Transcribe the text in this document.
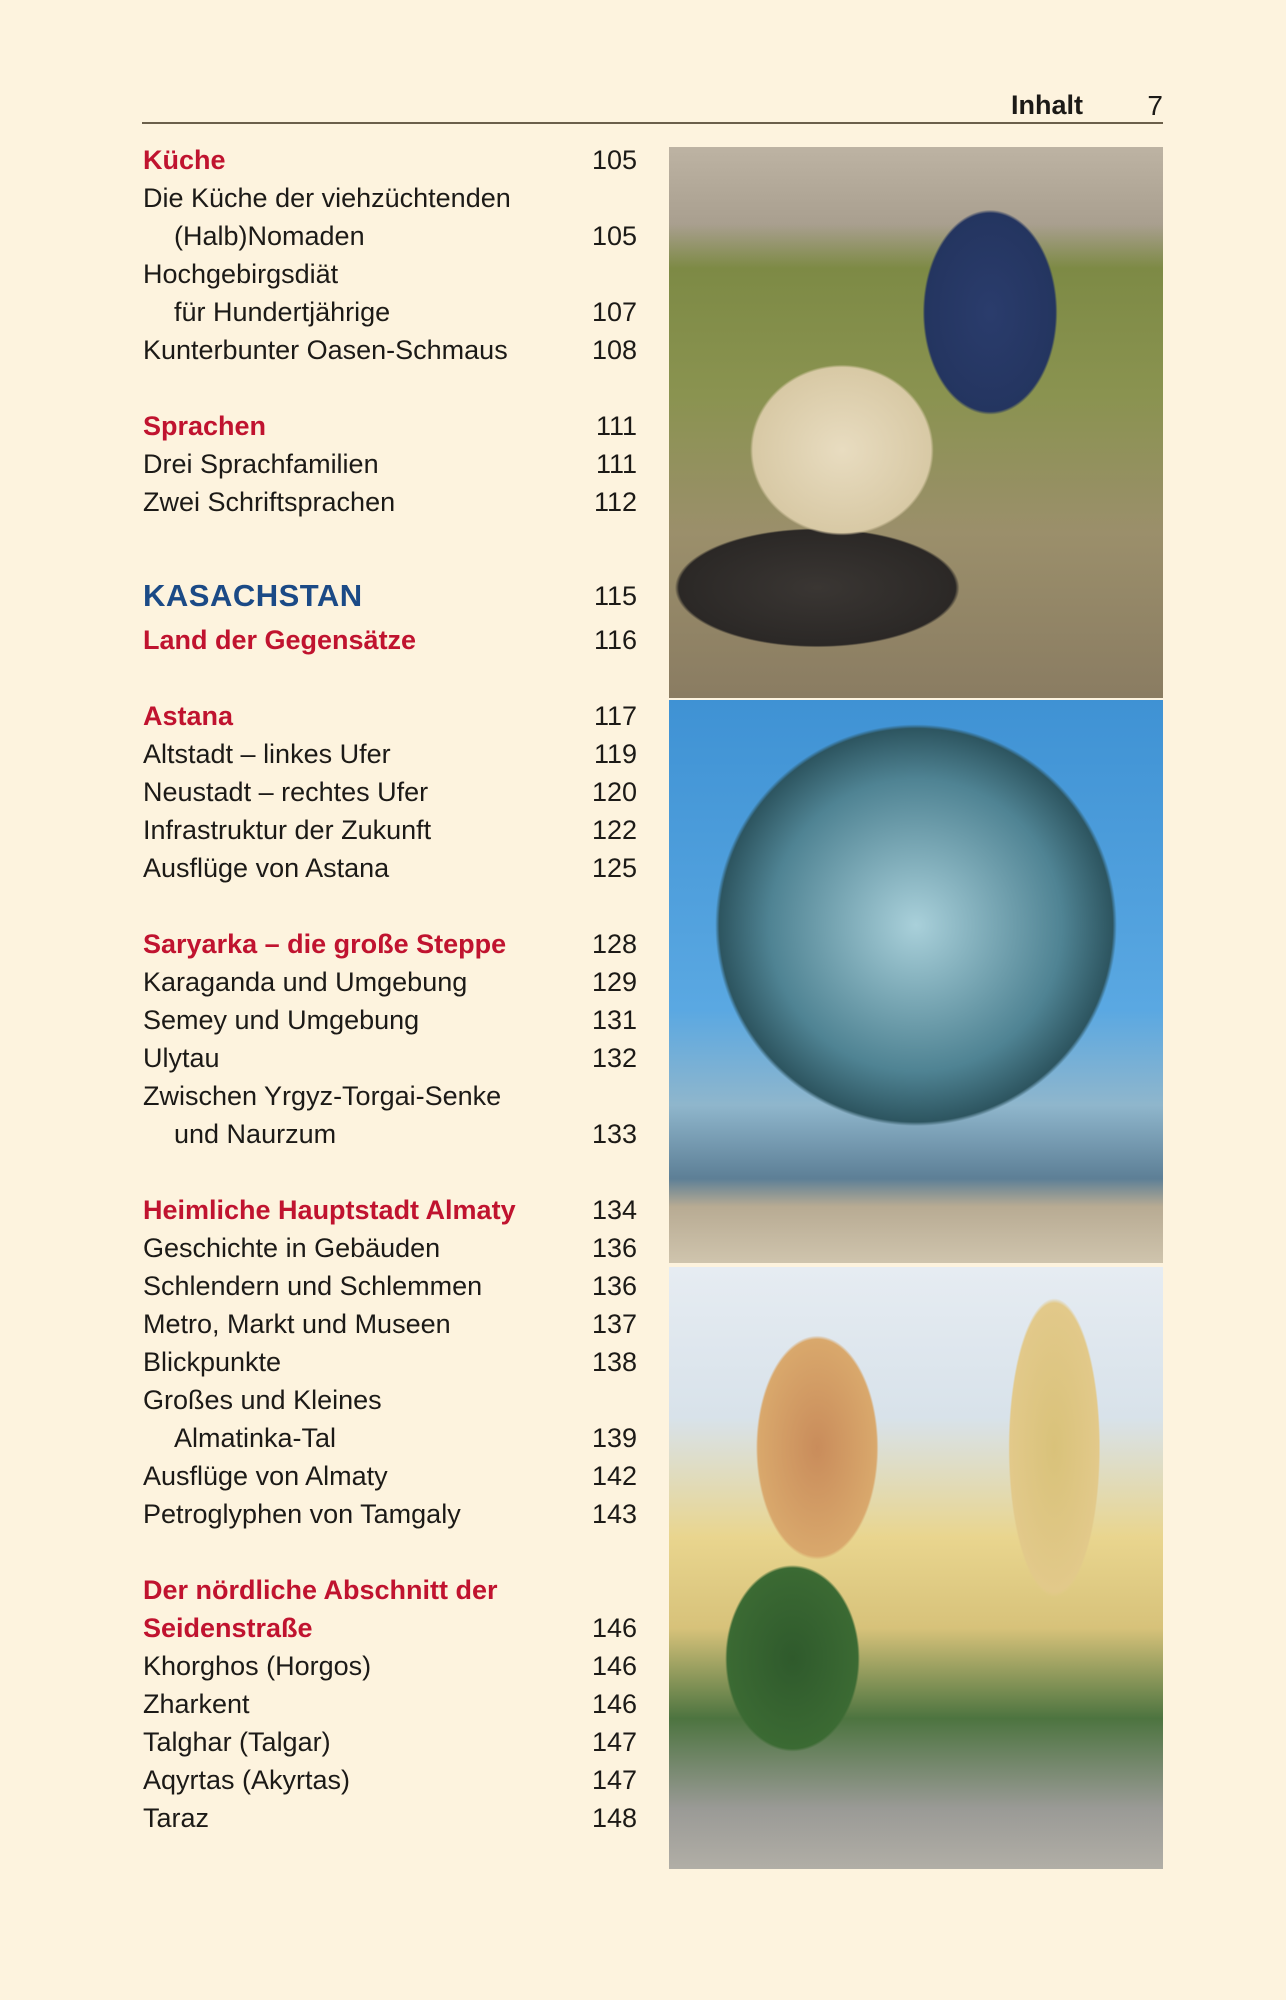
Inhalt 7
Küche	105
Die Küche der viehzüchtenden
(Halb)Nomaden	105
Hochgebirgsdiät
für Hundertjährige	107
Kunterbunter Oasen-Schmaus	108
Sprachen	111
Drei Sprachfamilien	111
Zwei Schriftsprachen	112
KASACHSTAN	115
Land der Gegensätze	116
Astana	117
Altstadt – linkes Ufer	119
Neustadt – rechtes Ufer	120
Infrastruktur der Zukunft	122
Ausflüge von Astana	125
Saryarka – die große Steppe	128
Karaganda und Umgebung	129
Semey und Umgebung	131
Ulytau	132
Zwischen Yrgyz-Torgai-Senke
und Naurzum	133
Heimliche Hauptstadt Almaty	134
Geschichte in Gebäuden	136
Schlendern und Schlemmen	136
Metro, Markt und Museen	137
Blickpunkte	138
Großes und Kleines
Almatinka-Tal	139
Ausflüge von Almaty	142
Petroglyphen von Tamgaly	143
Der nördliche Abschnitt der
Seidenstraße	146
Khorghos (Horgos)	146
Zharkent	146
Talghar (Talgar)	147
Aqyrtas (Akyrtas)	147
Taraz	148
